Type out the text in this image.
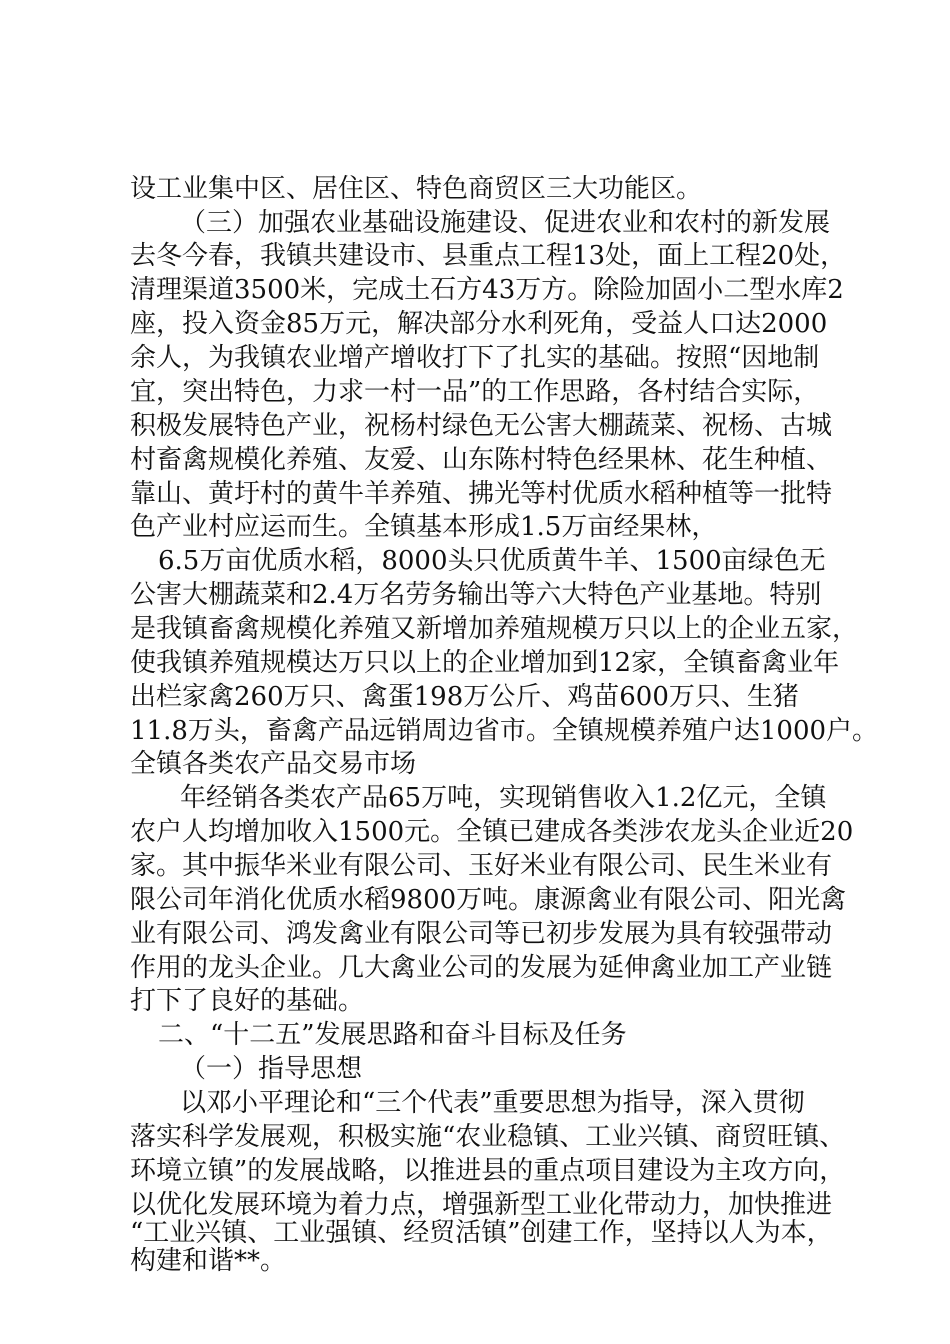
设工业集中区、居住区、特色商贸区三大功能区。
（三）加强农业基础设施建设、促进农业和农村的新发展
去冬今春，我镇共建设市、县重点工程13处，面上工程20处，
清理渠道3500米，完成土石方43万方。除险加固小二型水库2
座，投入资金85万元，解决部分水利死角，受益人口达2000
余人，为我镇农业增产增收打下了扎实的基础。按照“因地制
宜，突出特色，力求一村一品”的工作思路，各村结合实际，
积极发展特色产业，祝杨村绿色无公害大棚蔬菜、祝杨、古城
村畜禽规模化养殖、友爱、山东陈村特色经果林、花生种植、
靠山、黄圩村的黄牛羊养殖、拂光等村优质水稻种植等一批特
色产业村应运而生。全镇基本形成1.5万亩经果林，
6.5万亩优质水稻，8000头只优质黄牛羊、1500亩绿色无
公害大棚蔬菜和2.4万名劳务输出等六大特色产业基地。特别
是我镇畜禽规模化养殖又新增加养殖规模万只以上的企业五家，
使我镇养殖规模达万只以上的企业增加到12家，全镇畜禽业年
出栏家禽260万只、禽蛋198万公斤、鸡苗600万只、生猪
11.8万头，畜禽产品远销周边省市。全镇规模养殖户达1000户。
全镇各类农产品交易市场
年经销各类农产品65万吨，实现销售收入1.2亿元，全镇
农户人均增加收入1500元。全镇已建成各类涉农龙头企业近20
家。其中振华米业有限公司、玉好米业有限公司、民生米业有
限公司年消化优质水稻9800万吨。康源禽业有限公司、阳光禽
业有限公司、鸿发禽业有限公司等已初步发展为具有较强带动
作用的龙头企业。几大禽业公司的发展为延伸禽业加工产业链
打下了良好的基础。
二、“十二五”发展思路和奋斗目标及任务
（一）指导思想
以邓小平理论和“三个代表”重要思想为指导，深入贯彻
落实科学发展观，积极实施“农业稳镇、工业兴镇、商贸旺镇、
环境立镇”的发展战略，以推进县的重点项目建设为主攻方向，
以优化发展环境为着力点，增强新型工业化带动力，加快推进
“工业兴镇、工业强镇、经贸活镇”创建工作，坚持以人为本，
构建和谐**。
